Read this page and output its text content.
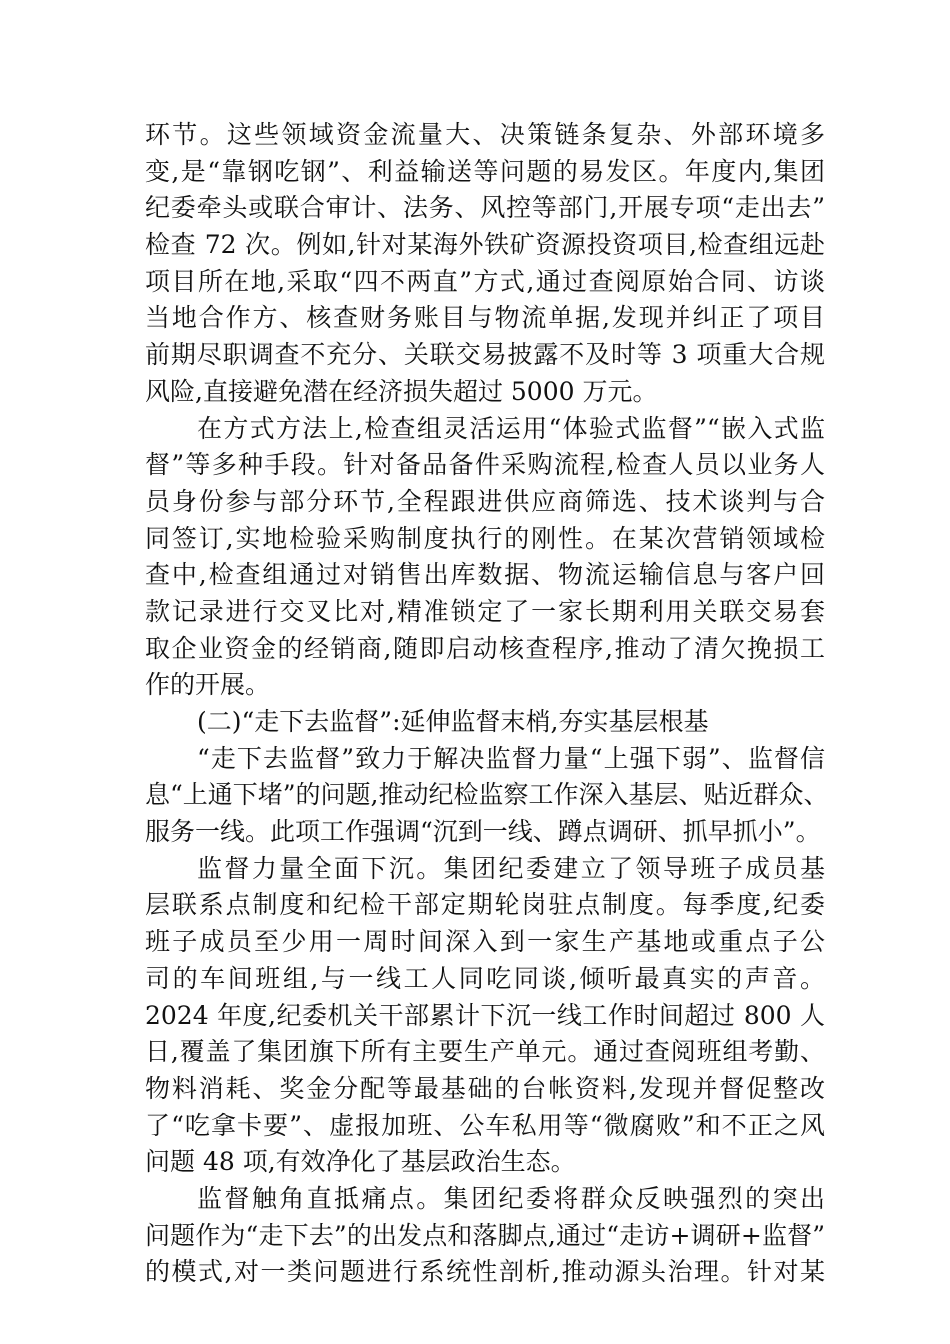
环节。这些领域资金流量大、决策链条复杂、外部环境多
变,是“靠钢吃钢”、利益输送等问题的易发区。年度内,集团
纪委牵头或联合审计、法务、风控等部门,开展专项“走出去”
检查 72 次。例如,针对某海外铁矿资源投资项目,检查组远赴
项目所在地,采取“四不两直”方式,通过查阅原始合同、访谈
当地合作方、核查财务账目与物流单据,发现并纠正了项目
前期尽职调查不充分、关联交易披露不及时等 3 项重大合规
风险,直接避免潜在经济损失超过 5000 万元。
在方式方法上,检查组灵活运用“体验式监督”“嵌入式监
督”等多种手段。针对备品备件采购流程,检查人员以业务人
员身份参与部分环节,全程跟进供应商筛选、技术谈判与合
同签订,实地检验采购制度执行的刚性。在某次营销领域检
查中,检查组通过对销售出库数据、物流运输信息与客户回
款记录进行交叉比对,精准锁定了一家长期利用关联交易套
取企业资金的经销商,随即启动核查程序,推动了清欠挽损工
作的开展。
(二)“走下去监督”:延伸监督末梢,夯实基层根基
“走下去监督”致力于解决监督力量“上强下弱”、监督信
息“上通下堵”的问题,推动纪检监察工作深入基层、贴近群众、
服务一线。此项工作强调“沉到一线、蹲点调研、抓早抓小”。
监督力量全面下沉。集团纪委建立了领导班子成员基
层联系点制度和纪检干部定期轮岗驻点制度。每季度,纪委
班子成员至少用一周时间深入到一家生产基地或重点子公
司的车间班组,与一线工人同吃同谈,倾听最真实的声音。
2024 年度,纪委机关干部累计下沉一线工作时间超过 800 人
日,覆盖了集团旗下所有主要生产单元。通过查阅班组考勤、
物料消耗、奖金分配等最基础的台帐资料,发现并督促整改
了“吃拿卡要”、虚报加班、公车私用等“微腐败”和不正之风
问题 48 项,有效净化了基层政治生态。
监督触角直抵痛点。集团纪委将群众反映强烈的突出
问题作为“走下去”的出发点和落脚点,通过“走访+调研+监督”
的模式,对一类问题进行系统性剖析,推动源头治理。针对某
